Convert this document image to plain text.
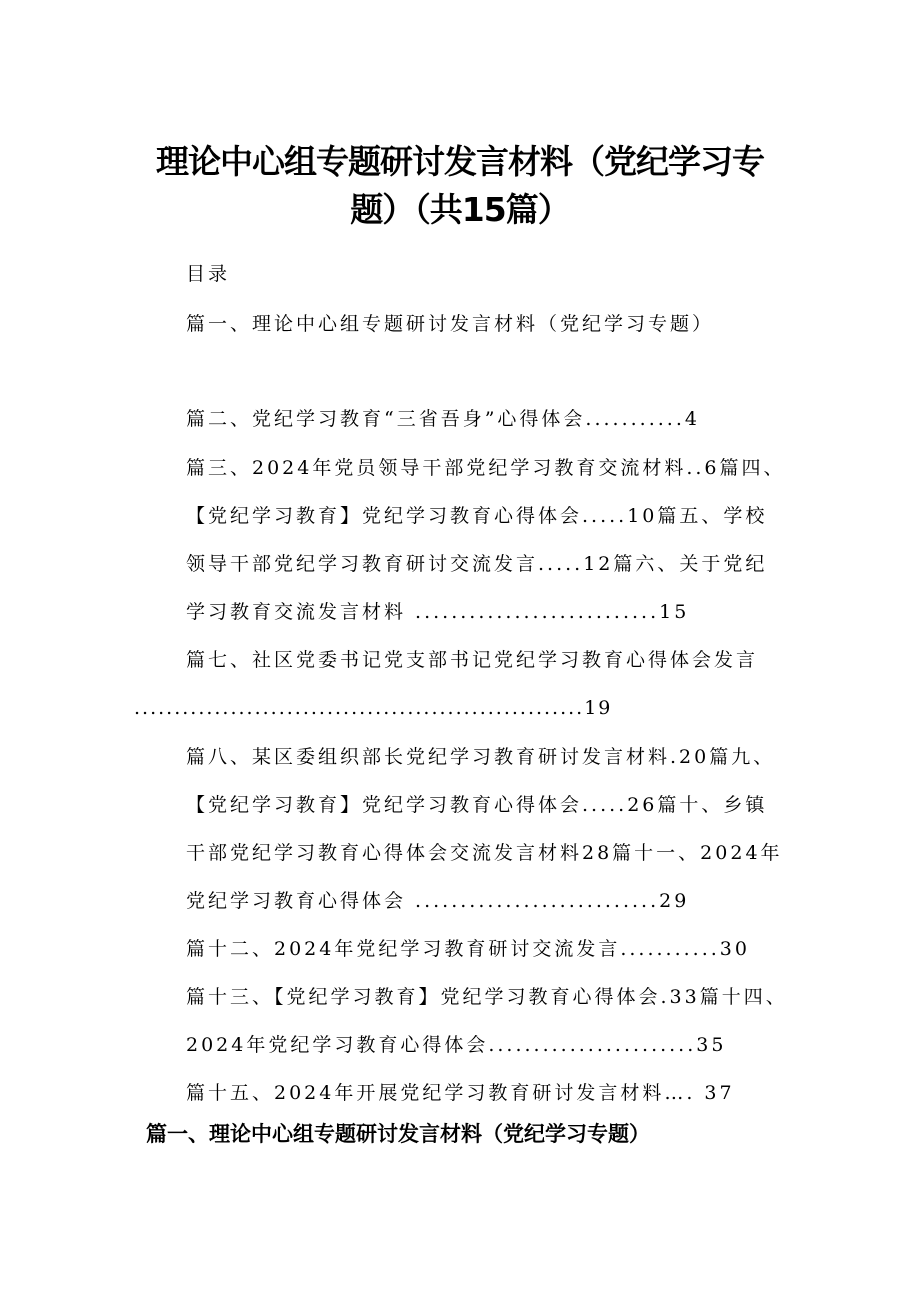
理论中心组专题研讨发言材料（党纪学习专
题）（共15篇）
目录
篇一、理论中心组专题研讨发言材料（党纪学习专题）
篇二、党纪学习教育“三省吾身”心得体会...........4
篇三、2024年党员领导干部党纪学习教育交流材料..6篇四、
【党纪学习教育】党纪学习教育心得体会.....10篇五、学校
领导干部党纪学习教育研讨交流发言.....12篇六、关于党纪
学习教育交流发言材料 ...........................15
篇七、社区党委书记党支部书记党纪学习教育心得体会发言
........................................................19
篇八、某区委组织部长党纪学习教育研讨发言材料.20篇九、
【党纪学习教育】党纪学习教育心得体会.....26篇十、乡镇
干部党纪学习教育心得体会交流发言材料28篇十一、2024年
党纪学习教育心得体会 ...........................29
篇十二、2024年党纪学习教育研讨交流发言...........30
篇十三、【党纪学习教育】党纪学习教育心得体会.33篇十四、
2024年党纪学习教育心得体会.......................35
篇十五、2024年开展党纪学习教育研讨发言材料…. 37
篇一、理论中心组专题研讨发言材料（党纪学习专题）
